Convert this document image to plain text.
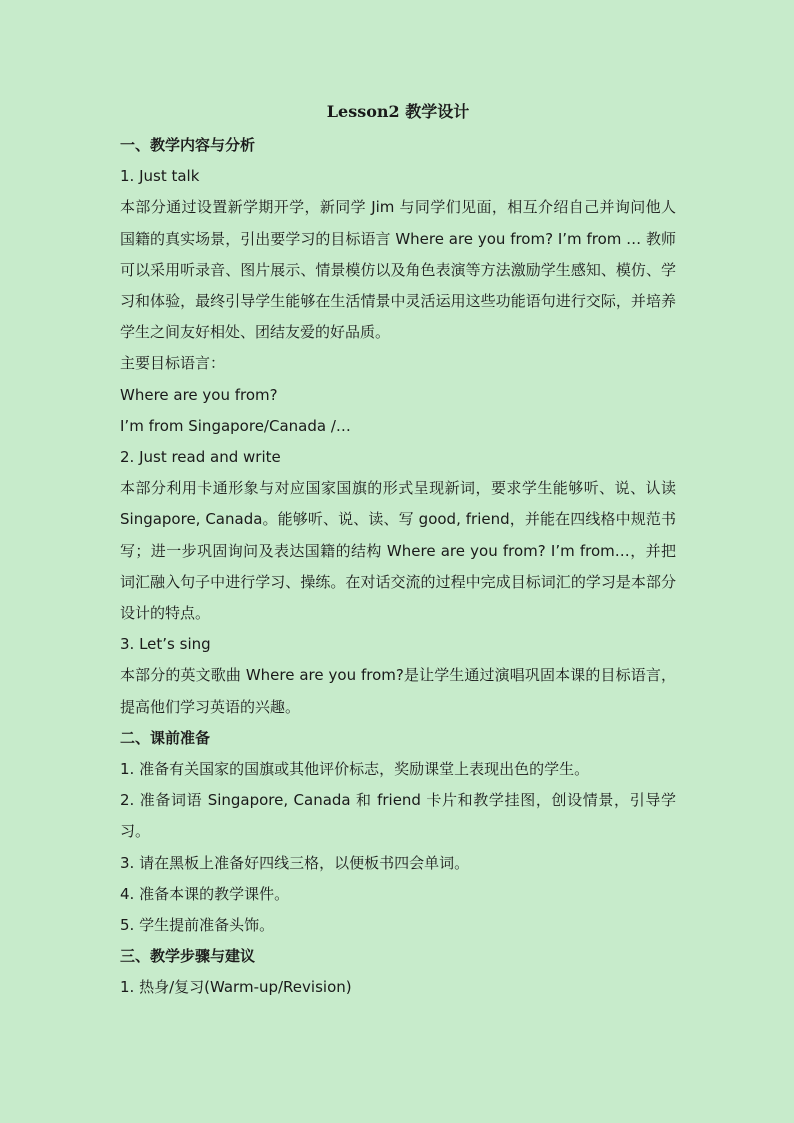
Lesson2 教学设计
一、教学内容与分析
1. Just talk

本部分通过设置新学期开学，新同学 Jim 与同学们见面，相互介绍自己并询问他人国籍的真实场景，引出要学习的目标语言 Where are you from? I’m from … 教师可以采用听录音、图片展示、情景模仿以及角色表演等方法激励学生感知、模仿、学习和体验，最终引导学生能够在生活情景中灵活运用这些功能语句进行交际，并培养学生之间友好相处、团结友爱的好品质。

主要目标语言：
Where are you from?
I’m from Singapore/Canada /…
2. Just read and write

本部分利用卡通形象与对应国家国旗的形式呈现新词，要求学生能够听、说、认读 Singapore, Canada。能够听、说、读、写 good, friend，并能在四线格中规范书写；进一步巩固询问及表达国籍的结构 Where are you from? I’m from…，并把词汇融入句子中进行学习、操练。在对话交流的过程中完成目标词汇的学习是本部分设计的特点。

3. Let’s sing

本部分的英文歌曲 Where are you from?是让学生通过演唱巩固本课的目标语言，提高他们学习英语的兴趣。

二、课前准备
1. 准备有关国家的国旗或其他评价标志，奖励课堂上表现出色的学生。

2. 准备词语 Singapore, Canada 和 friend 卡片和教学挂图，创设情景，引导学习。

3. 请在黑板上准备好四线三格，以便板书四会单词。
4. 准备本课的教学课件。
5. 学生提前准备头饰。
三、教学步骤与建议
1. 热身/复习(Warm-up/Revision)
